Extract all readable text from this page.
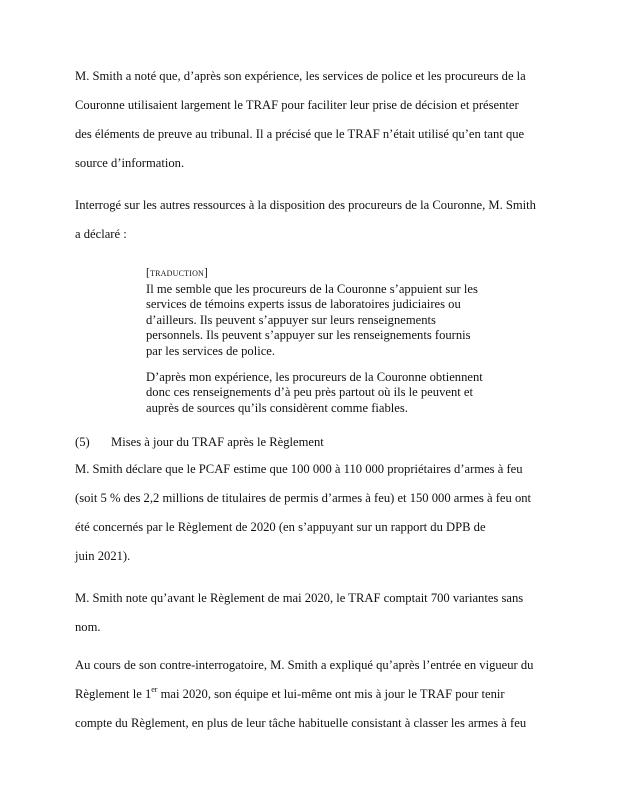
M. Smith a noté que, d’après son expérience, les services de police et les procureurs de la
Couronne utilisaient largement le TRAF pour faciliter leur prise de décision et présenter
des éléments de preuve au tribunal. Il a précisé que le TRAF n’était utilisé qu’en tant que
source d’information.
Interrogé sur les autres ressources à la disposition des procureurs de la Couronne, M. Smith
a déclaré :
[traduction]
Il me semble que les procureurs de la Couronne s’appuient sur les
services de témoins experts issus de laboratoires judiciaires ou
d’ailleurs. Ils peuvent s’appuyer sur leurs renseignements
personnels. Ils peuvent s’appuyer sur les renseignements fournis
par les services de police.
D’après mon expérience, les procureurs de la Couronne obtiennent
donc ces renseignements d’à peu près partout où ils le peuvent et
auprès de sources qu’ils considèrent comme fiables.
(5) Mises à jour du TRAF après le Règlement
M. Smith déclare que le PCAF estime que 100 000 à 110 000 propriétaires d’armes à feu
(soit 5 % des 2,2 millions de titulaires de permis d’armes à feu) et 150 000 armes à feu ont
été concernés par le Règlement de 2020 (en s’appuyant sur un rapport du DPB de
juin 2021).
M. Smith note qu’avant le Règlement de mai 2020, le TRAF comptait 700 variantes sans
nom.
Au cours de son contre-interrogatoire, M. Smith a expliqué qu’après l’entrée en vigueur du
Règlement le 1er mai 2020, son équipe et lui-même ont mis à jour le TRAF pour tenir
compte du Règlement, en plus de leur tâche habituelle consistant à classer les armes à feu
